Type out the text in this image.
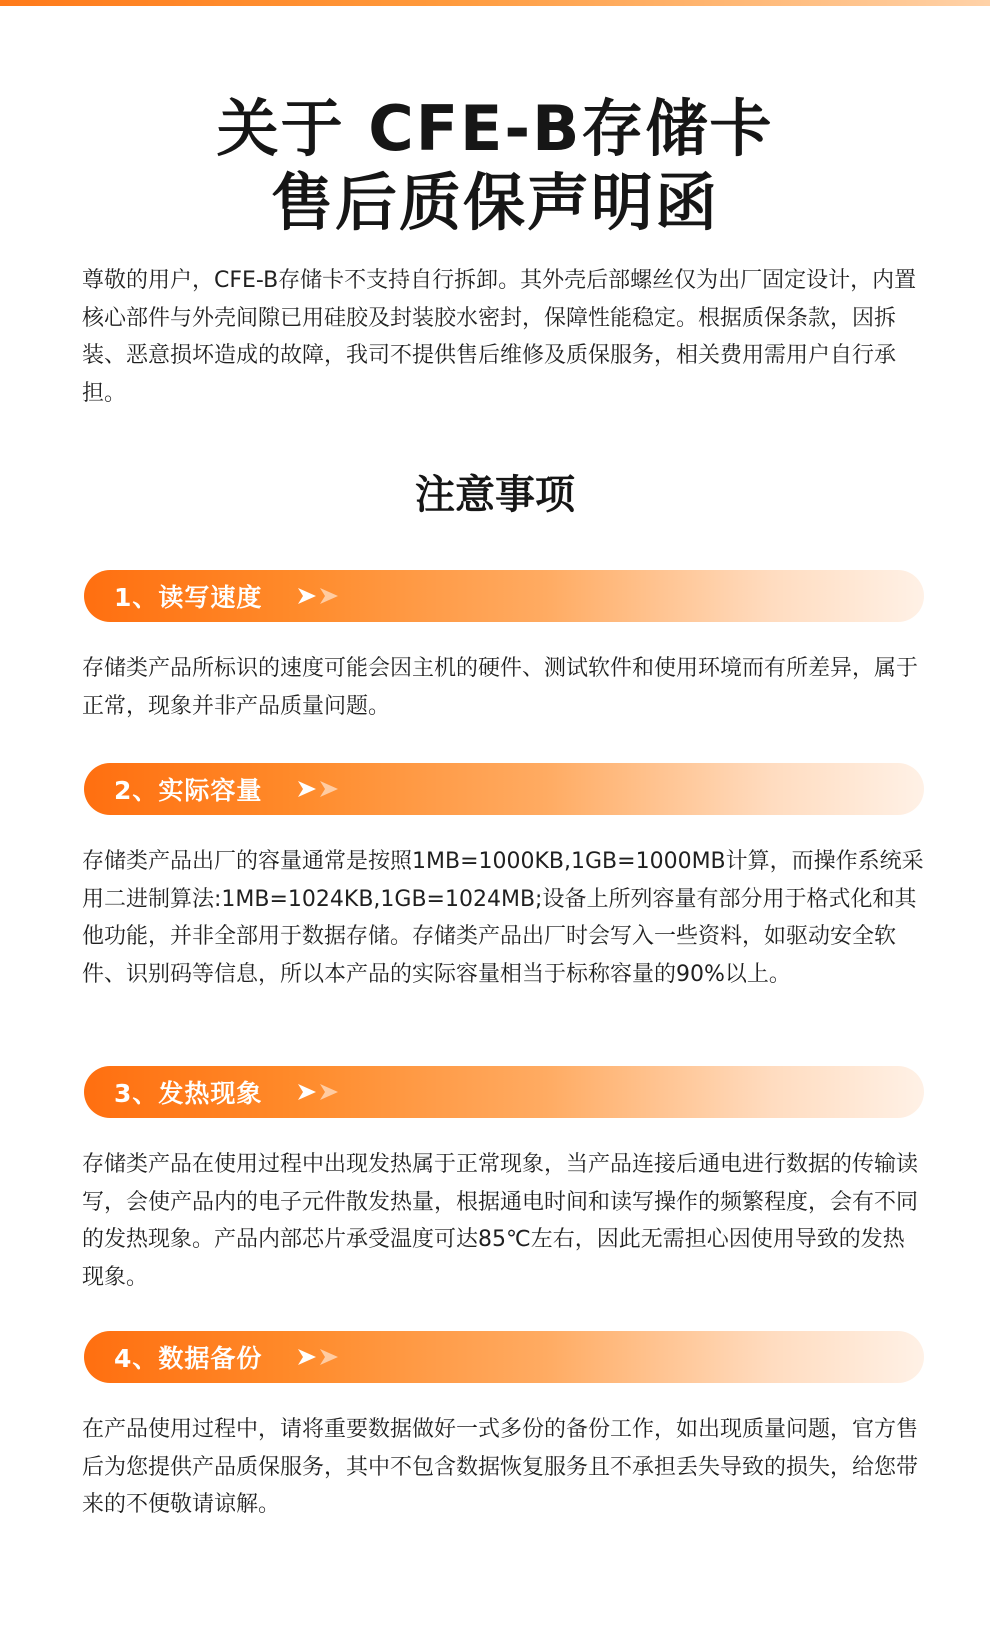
关于 CFE-B存储卡
售后质保声明函

尊敬的用户，CFE-B存储卡不支持自行拆卸。其外壳后部螺丝仅为出厂固定设计，内置核心部件与外壳间隙已用硅胶及封装胶水密封，保障性能稳定。根据质保条款，因拆装、恶意损坏造成的故障，我司不提供售后维修及质保服务，相关费用需用户自行承担。

注意事项
1、读写速度

存储类产品所标识的速度可能会因主机的硬件、测试软件和使用环境而有所差异，属于正常，现象并非产品质量问题。

2、实际容量

存储类产品出厂的容量通常是按照1MB=1000KB,1GB=1000MB计算，而操作系统采用二进制算法:1MB=1024KB,1GB=1024MB;设备上所列容量有部分用于格式化和其他功能，并非全部用于数据存储。存储类产品出厂时会写入一些资料，如驱动安全软件、识别码等信息，所以本产品的实际容量相当于标称容量的90%以上。

3、发热现象

存储类产品在使用过程中出现发热属于正常现象，当产品连接后通电进行数据的传输读写，会使产品内的电子元件散发热量，根据通电时间和读写操作的频繁程度，会有不同的发热现象。产品内部芯片承受温度可达85℃左右，因此无需担心因使用导致的发热现象。

4、数据备份

在产品使用过程中，请将重要数据做好一式多份的备份工作，如出现质量问题，官方售后为您提供产品质保服务，其中不包含数据恢复服务且不承担丢失导致的损失，给您带来的不便敬请谅解。
